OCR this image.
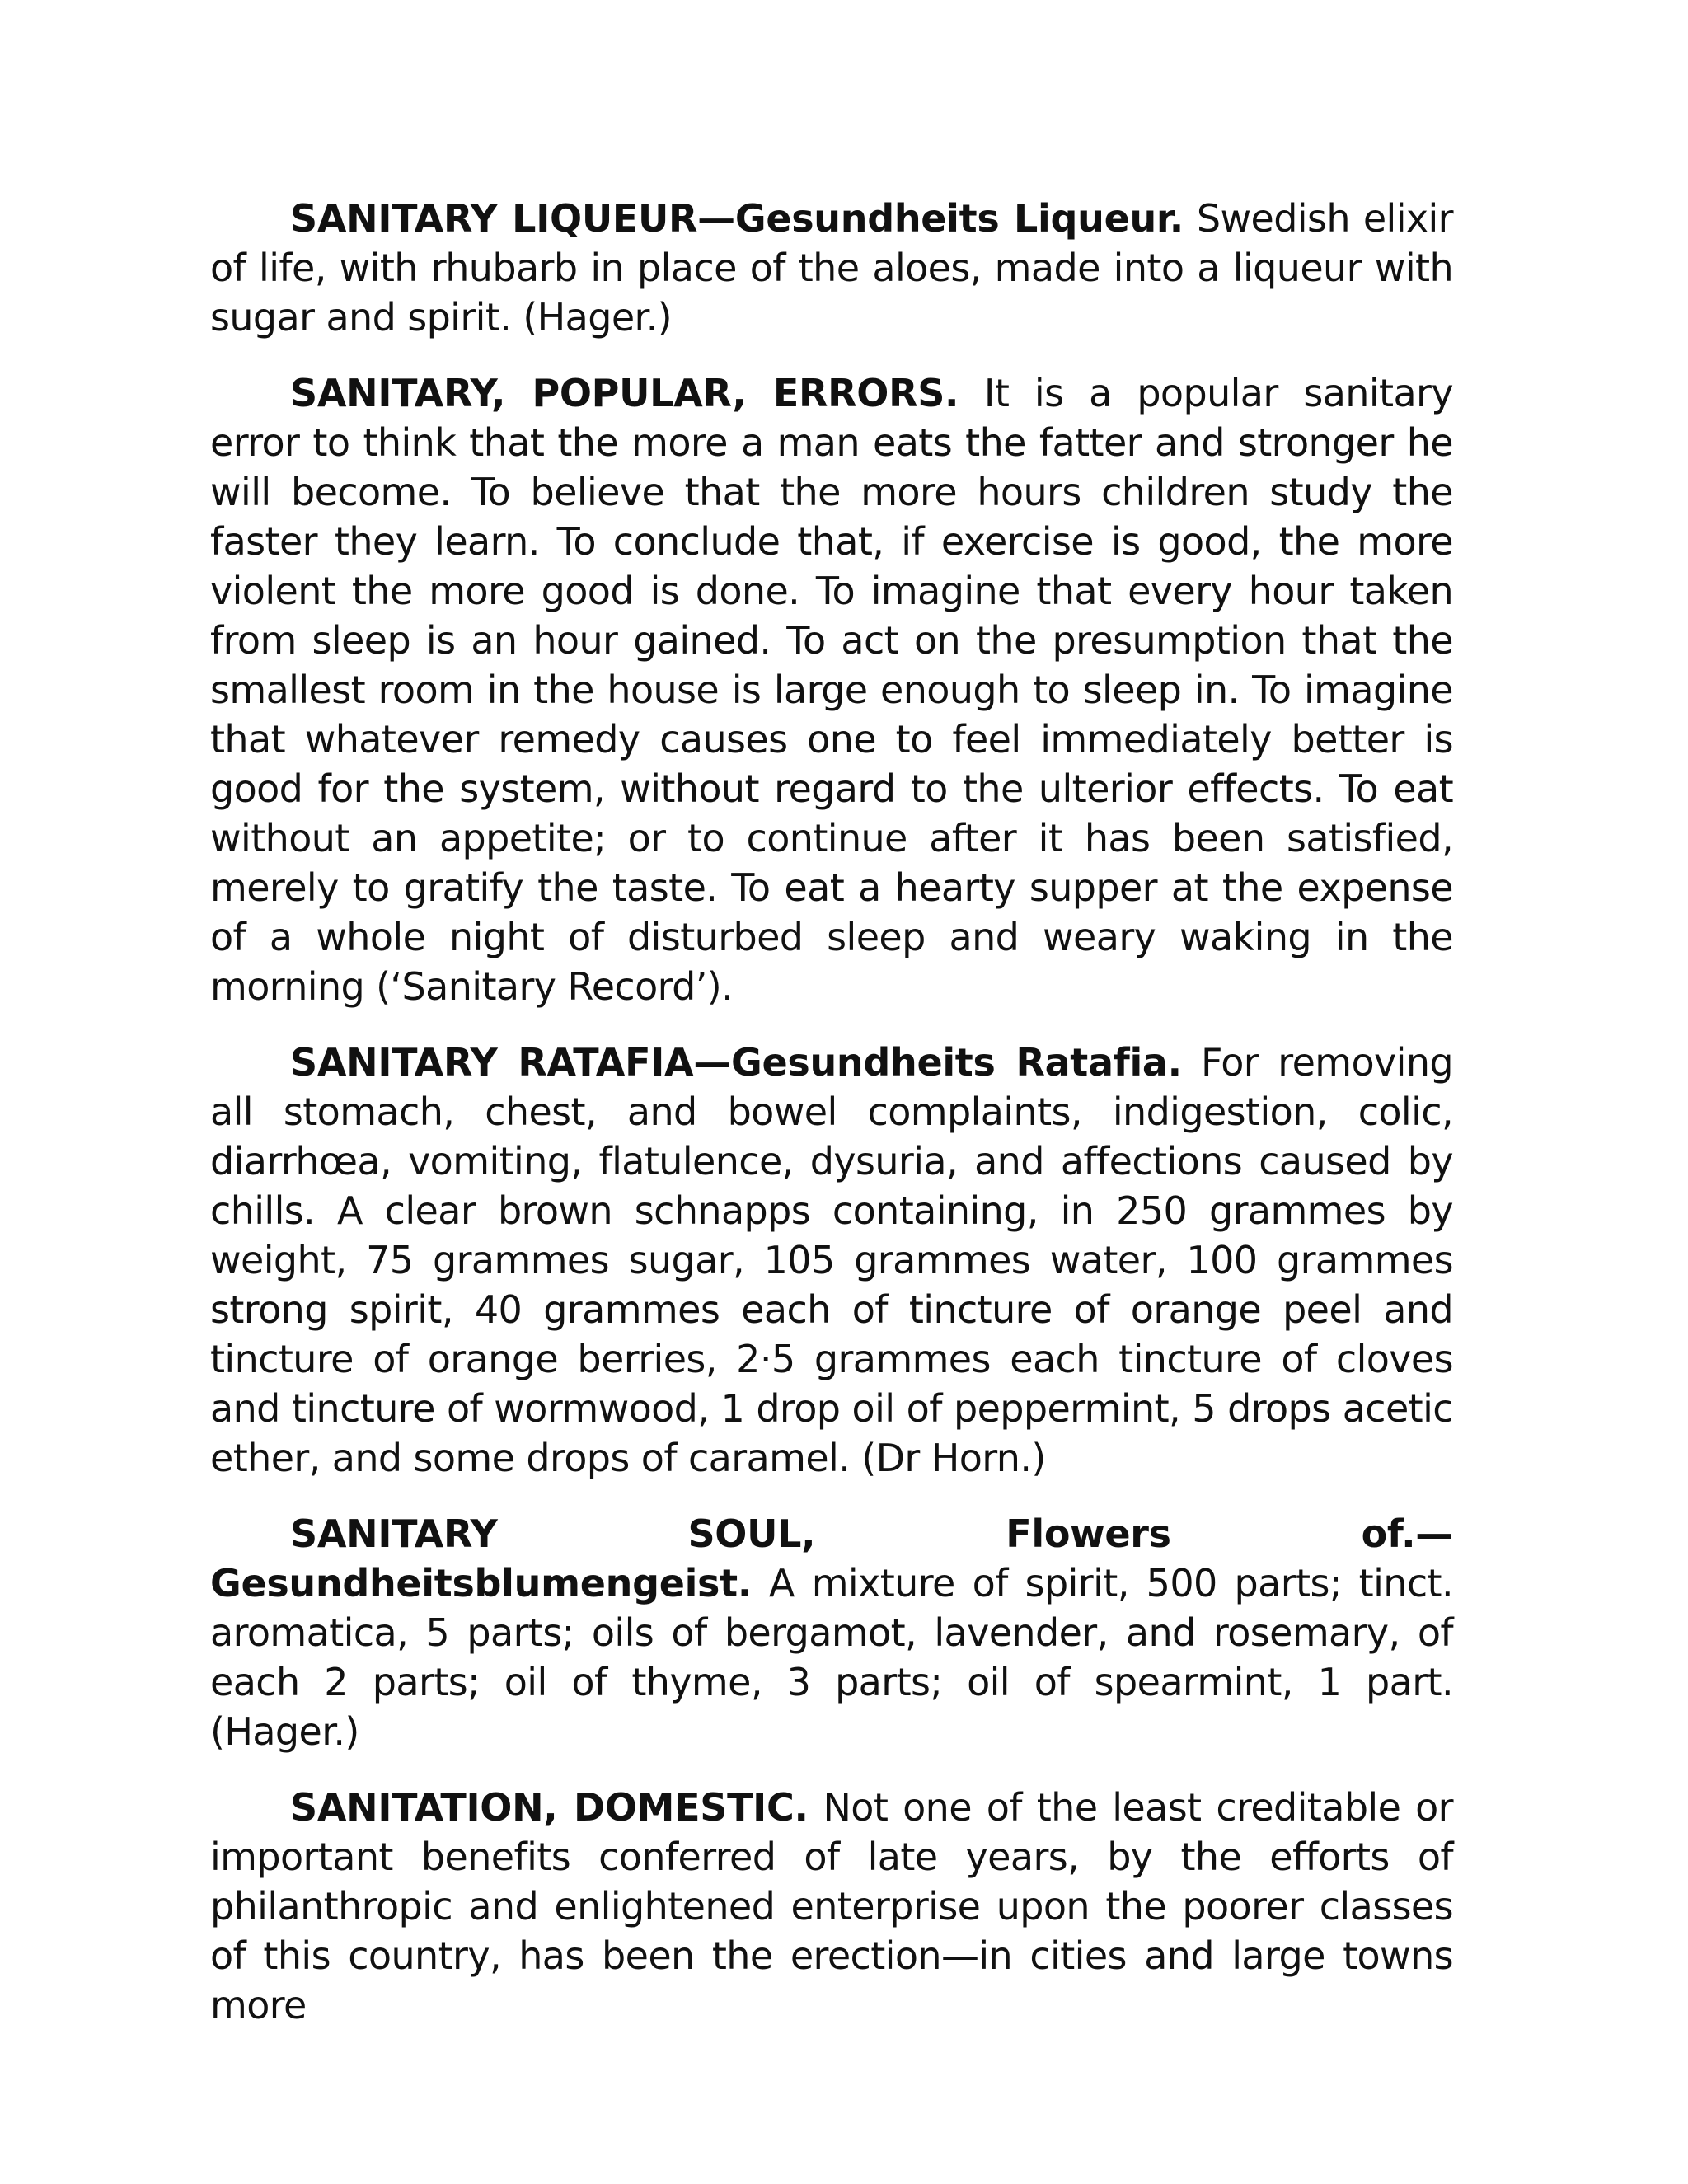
SANITARY LIQUEUR—Gesundheits Liqueur. Swedish elixir of life, with rhubarb in place of the aloes, made into a liqueur with sugar and spirit. (Hager.)

SANITARY, POPULAR, ERRORS. It is a popular sanitary error to think that the more a man eats the fatter and stronger he will become. To believe that the more hours children study the faster they learn. To conclude that, if exercise is good, the more violent the more good is done. To imagine that every hour taken from sleep is an hour gained. To act on the presumption that the smallest room in the house is large enough to sleep in. To imagine that whatever remedy causes one to feel immediately better is good for the system, without regard to the ulterior effects. To eat without an appetite; or to continue after it has been satisfied, merely to gratify the taste. To eat a hearty supper at the expense of a whole night of disturbed sleep and weary waking in the morning (‘Sanitary Record’).

SANITARY RATAFIA—Gesundheits Ratafia. For removing all stomach, chest, and bowel complaints, indigestion, colic, diarrhœa, vomiting, flatulence, dysuria, and affections caused by chills. A clear brown schnapps containing, in 250 grammes by weight, 75 grammes sugar, 105 grammes water, 100 grammes strong spirit, 40 grammes each of tincture of orange peel and tincture of orange berries, 2·5 grammes each tincture of cloves and tincture of wormwood, 1 drop oil of peppermint, 5 drops acetic ether, and some drops of caramel. (Dr Horn.)

SANITARY SOUL, Flowers of.—Gesundheitsblumengeist. A mixture of spirit, 500 parts; tinct. aromatica, 5 parts; oils of bergamot, lavender, and rosemary, of each 2 parts; oil of thyme, 3 parts; oil of spearmint, 1 part. (Hager.)

SANITATION, DOMESTIC. Not one of the least creditable or important benefits conferred of late years, by the efforts of philanthropic and enlightened enterprise upon the poorer classes of this country, has been the erection—in cities and large towns more
